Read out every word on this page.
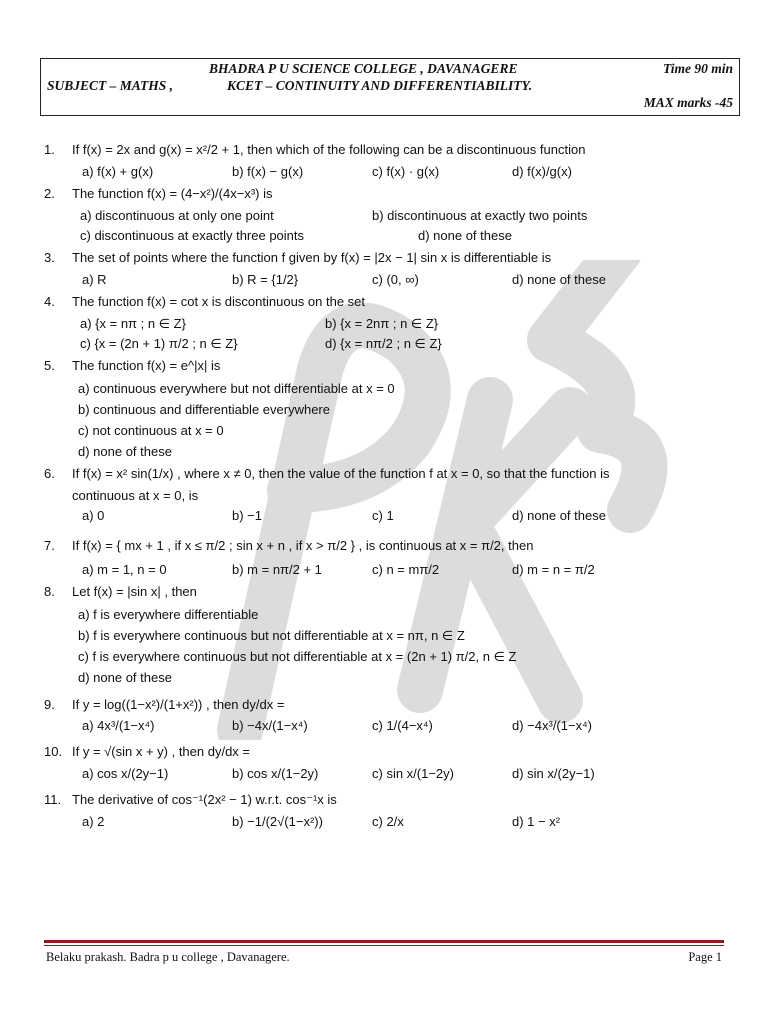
BHADRA P U SCIENCE COLLEGE , DAVANAGERE	Time 90 min
SUBJECT – MATHS ,	KCET – CONTINUITY AND DIFFERENTIABILITY.
MAX marks -45
1.	If f(x) = 2x and g(x) = x²/2 + 1, then which of the following can be a discontinuous function
a) f(x) + g(x)	b) f(x) − g(x)	c) f(x) · g(x)	d) f(x)/g(x)
2.	The function f(x) = (4−x²)/(4x−x³) is
a) discontinuous at only one point	b) discontinuous at exactly two points
c) discontinuous at exactly three points	d) none of these
3.	The set of points where the function f given by f(x) = |2x − 1| sin x is differentiable is
a) R	b) R = {1/2}	c) (0, ∞)	d) none of these
4.	The function f(x) = cot x is discontinuous on the set
a) {x = nπ ; n ∈ Z}	b) {x = 2nπ ; n ∈ Z}
c) {x = (2n + 1) π/2 ; n ∈ Z}	d) {x = nπ/2 ; n ∈ Z}
5.	The function f(x) = e^|x| is
a) continuous everywhere but not differentiable at x = 0
b) continuous and differentiable everywhere
c) not continuous at x = 0
d) none of these
6.	If f(x) = x² sin(1/x) , where x ≠ 0, then the value of the function f at x = 0, so that the function is
continuous at x = 0, is
a) 0	b) −1	c) 1	d) none of these
7.	If f(x) = { mx + 1 , if x ≤ π/2 ; sin x + n , if x > π/2 } , is continuous at x = π/2, then
a) m = 1, n = 0	b) m = nπ/2 + 1	c) n = mπ/2	d) m = n = π/2
8.	Let f(x) = |sin x| , then
a) f is everywhere differentiable
b) f is everywhere continuous but not differentiable at x = nπ, n ∈ Z
c) f is everywhere continuous but not differentiable at x = (2n + 1) π/2, n ∈ Z
d) none of these
9.	If y = log((1−x²)/(1+x²)) , then dy/dx =
a) 4x³/(1−x⁴)	b) −4x/(1−x⁴)	c) 1/(4−x⁴)	d) −4x³/(1−x⁴)
10. If y = √(sin x + y) , then dy/dx =
a) cos x/(2y−1)	b) cos x/(1−2y)	c) sin x/(1−2y)	d) sin x/(2y−1)
11. The derivative of cos⁻¹(2x² − 1) w.r.t. cos⁻¹x is
a) 2	b) −1/(2√(1−x²))	c) 2/x	d) 1 − x²
Belaku prakash. Badra p u college , Davanagere.	Page 1
